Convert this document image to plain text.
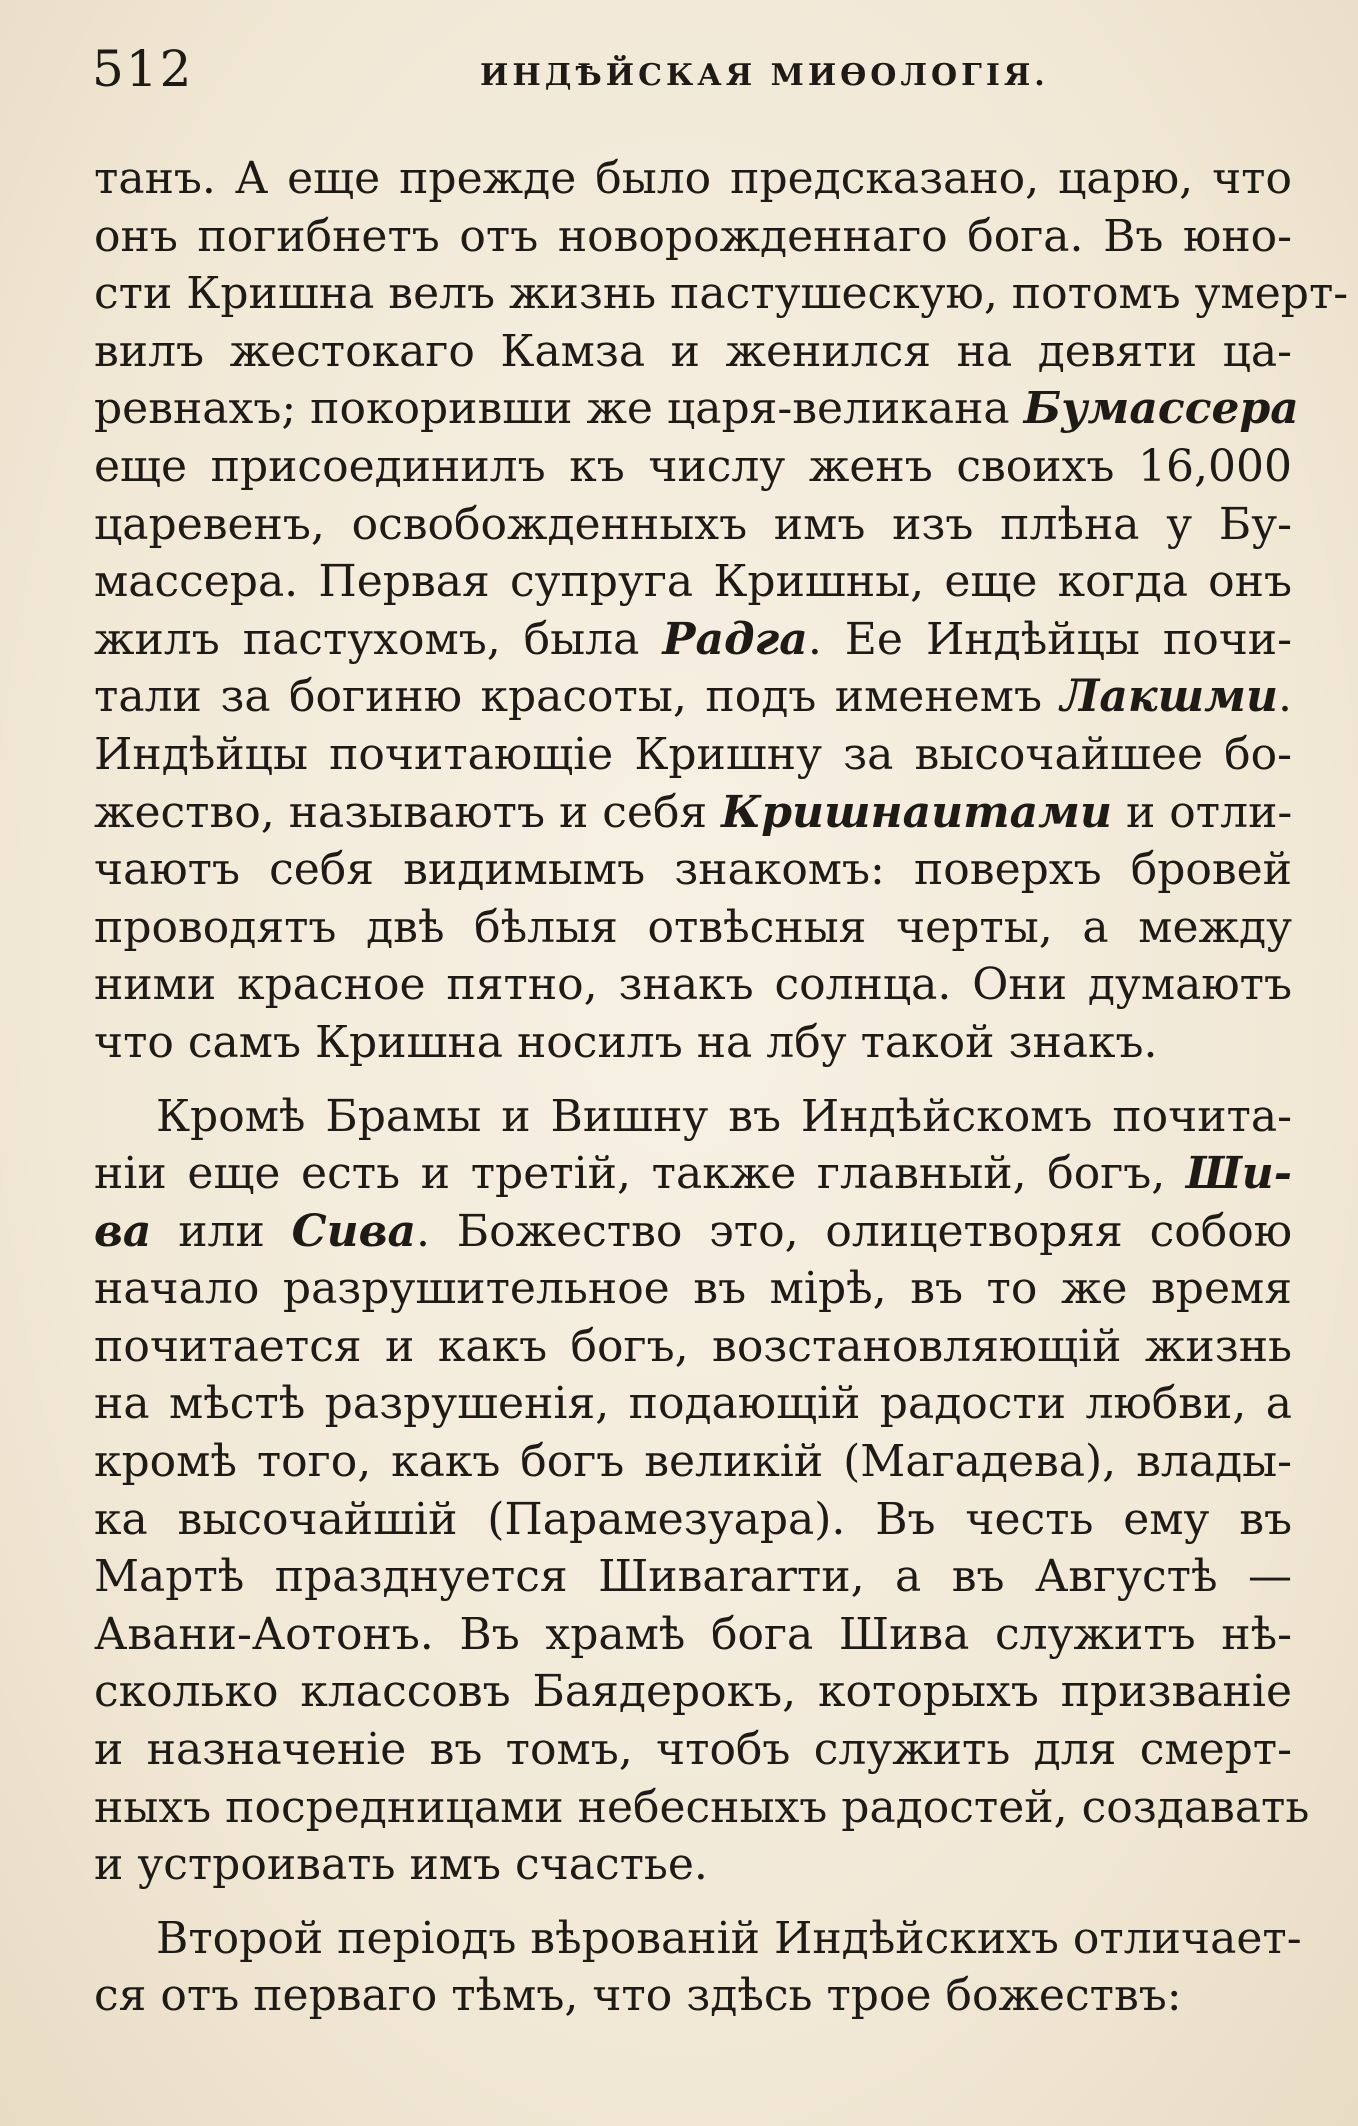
512	ИНДѢЙСКАЯ МИѲОЛОГІЯ.
танъ. А еще прежде было предсказано, царю, что
онъ погибнетъ отъ новорожденнаго бога. Въ юно-
сти Кришна велъ жизнь пастушескую, потомъ умерт-
вилъ жестокаго Камза и женился на девяти ца-
ревнахъ; покоривши же царя-великана Бумассера
еще присоединилъ къ числу женъ своихъ 16,000
царевенъ, освобожденныхъ имъ изъ плѣна у Бу-
массера. Первая супруга Кришны, еще когда онъ
жилъ пастухомъ, была Радга. Ее Индѣйцы почи-
тали за богиню красоты, подъ именемъ Лакшми.
Индѣйцы почитающіе Кришну за высочайшее бо-
жество, называютъ и себя Кришнаитами и отли-
чаютъ себя видимымъ знакомъ: поверхъ бровей
проводятъ двѣ бѣлыя отвѣсныя черты, а между
ними красное пятно, знакъ солнца. Они думаютъ
что самъ Кришна носилъ на лбу такой знакъ.
Кромѣ Брамы и Вишну въ Индѣйскомъ почита-
ніи еще есть и третій, также главный, богъ, Ши-
ва или Сива. Божество это, олицетворяя собою
начало разрушительное въ мірѣ, въ то же время
почитается и какъ богъ, возстановляющій жизнь
на мѣстѣ разрушенія, подающій радости любви, а
кромѣ того, какъ богъ великій (Магадева), влады-
ка высочайшій (Парамезуара). Въ честь ему въ
Мартѣ празднуется Шивararти, а въ Августѣ —
Авани-Аотонъ. Въ храмѣ бога Шива служитъ нѣ-
сколько классовъ Баядерокъ, которыхъ призваніе
и назначеніе въ томъ, чтобъ служить для смерт-
ныхъ посредницами небесныхъ радостей, создавать
и устроивать имъ счастье.
Второй періодъ вѣрованій Индѣйскихъ отличает-
ся отъ перваго тѣмъ, что здѣсь трое божествъ:
